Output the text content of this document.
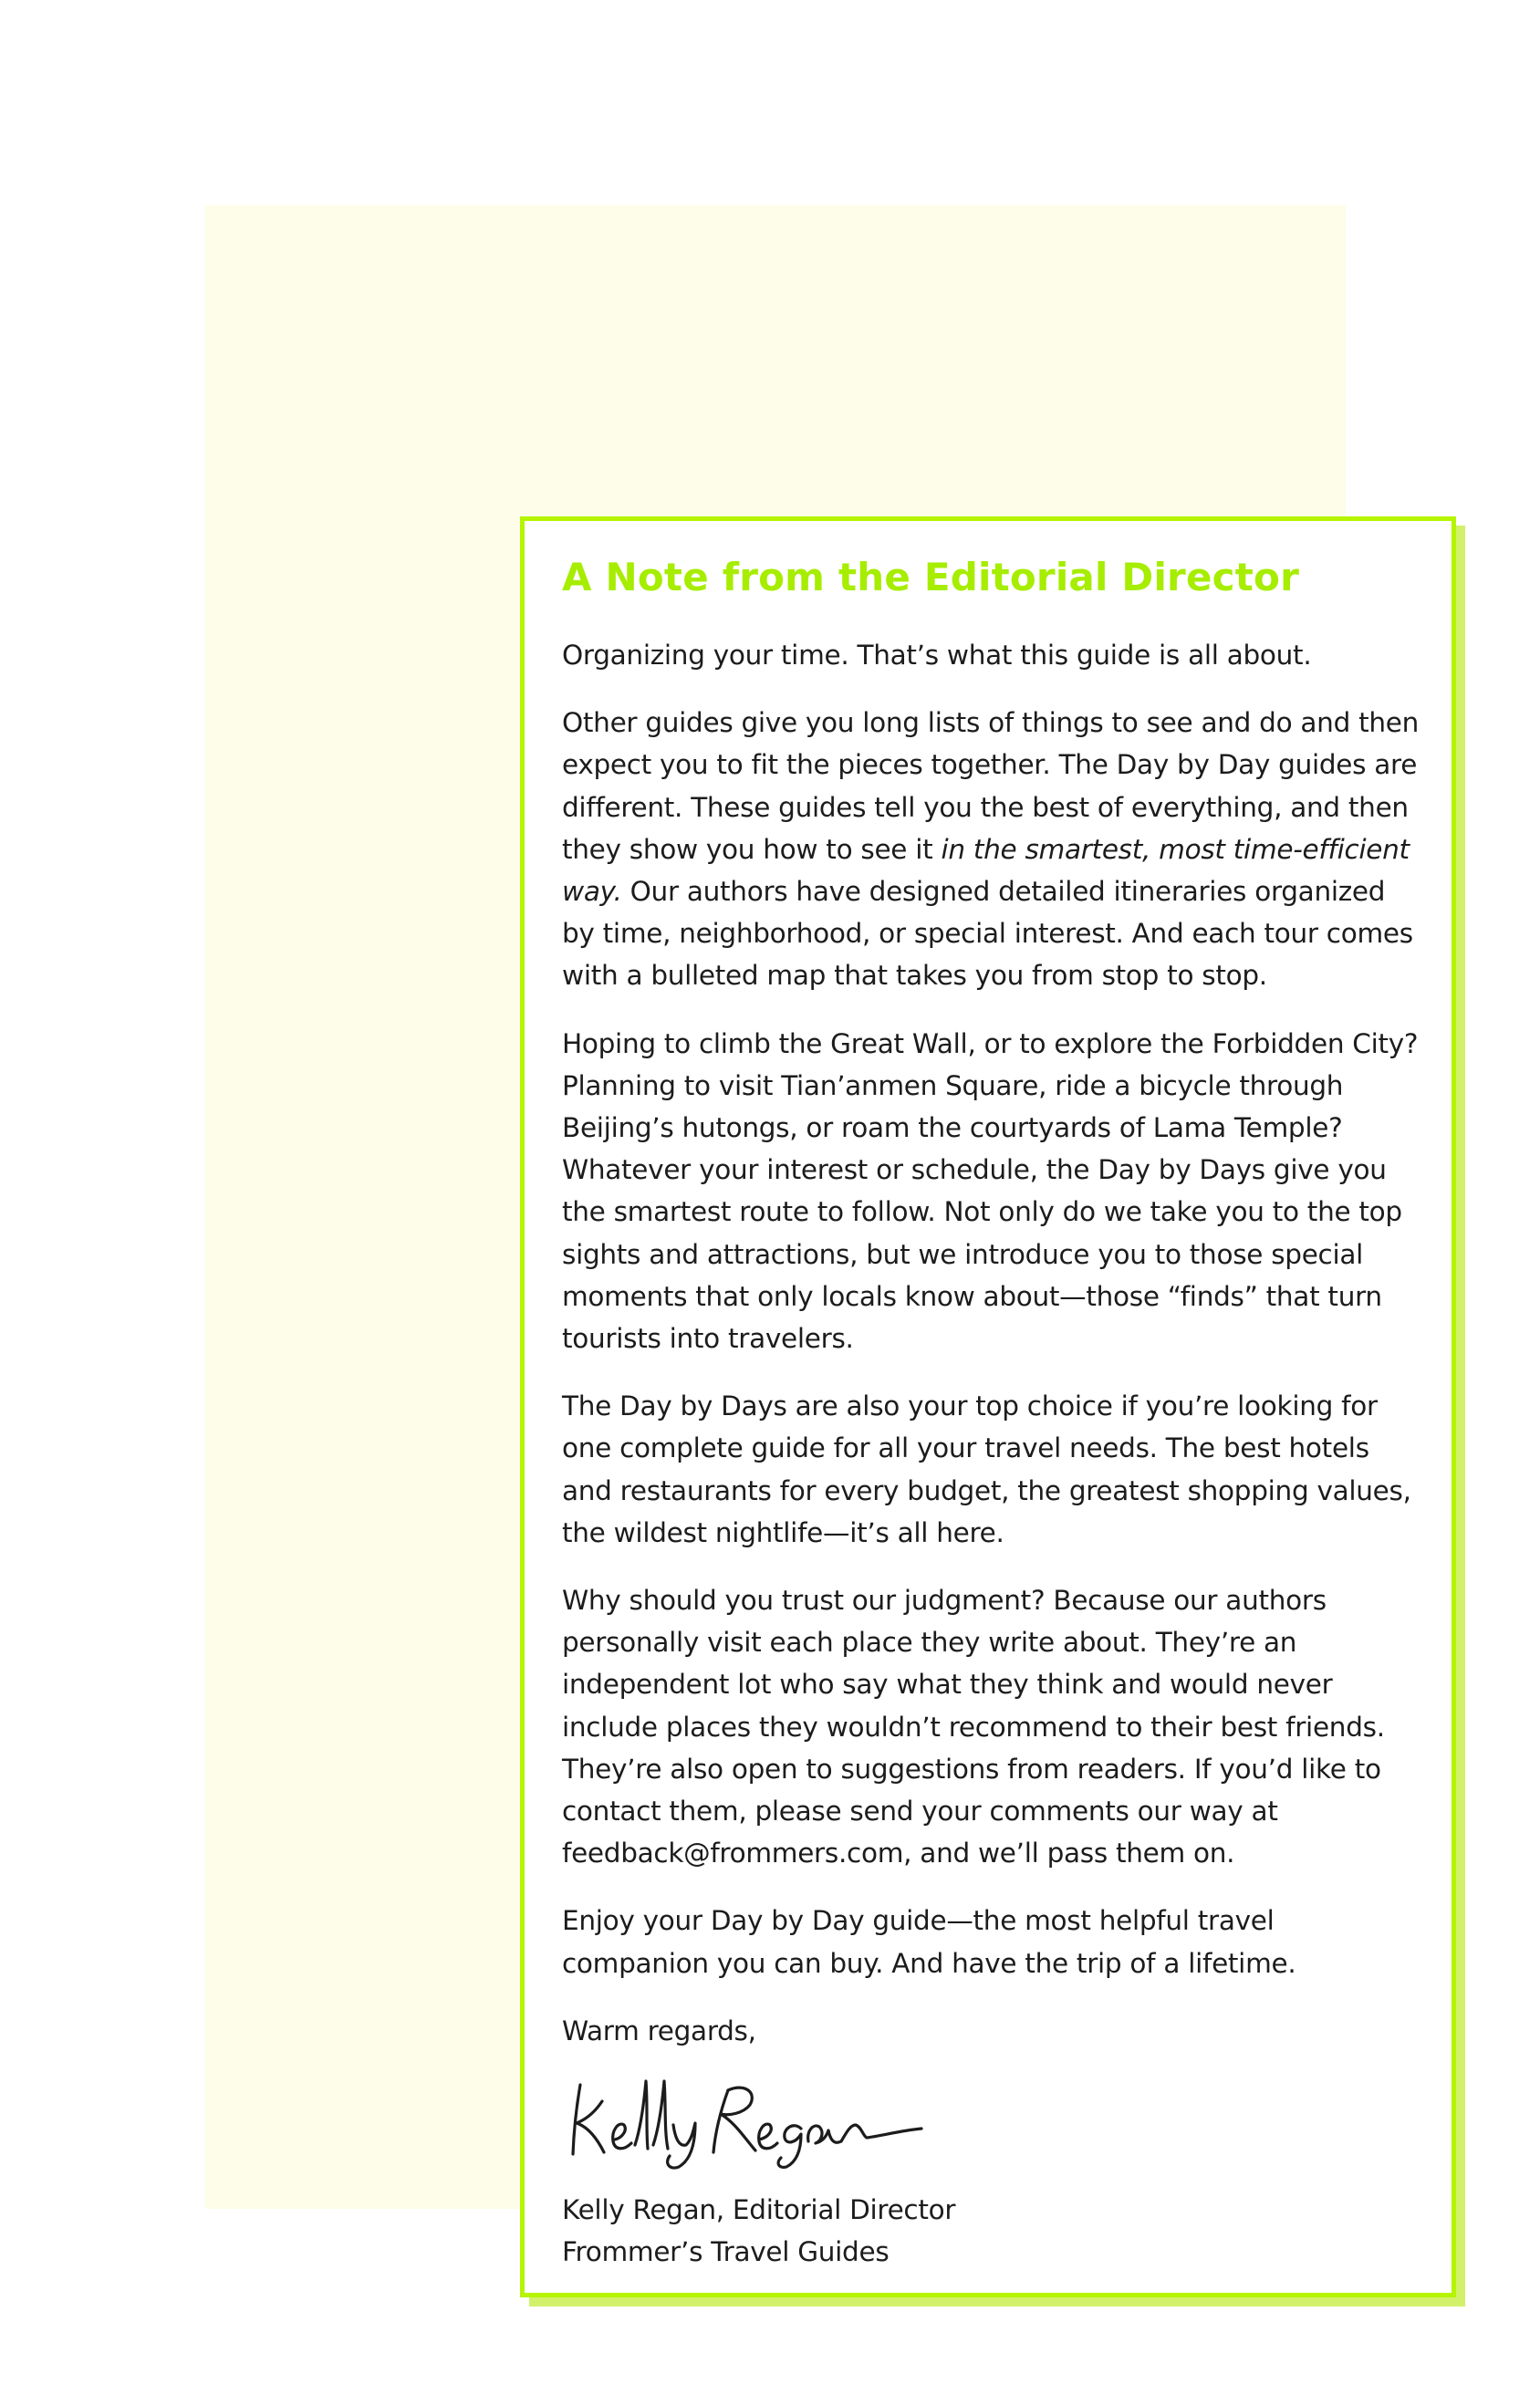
A Note from the Editorial Director

Organizing your time. That’s what this guide is all about.

Other guides give you long lists of things to see and do and then expect you to fit the pieces together. The Day by Day guides are different. These guides tell you the best of everything, and then they show you how to see it in the smartest, most time-efficient way. Our authors have designed detailed itineraries organized by time, neighborhood, or special interest. And each tour comes with a bulleted map that takes you from stop to stop.

Hoping to climb the Great Wall, or to explore the Forbidden City? Planning to visit Tian’anmen Square, ride a bicycle through Beijing’s hutongs, or roam the courtyards of Lama Temple? Whatever your interest or schedule, the Day by Days give you the smartest route to follow. Not only do we take you to the top sights and attractions, but we introduce you to those special moments that only locals know about—those “finds” that turn tourists into travelers.

The Day by Days are also your top choice if you’re looking for one complete guide for all your travel needs. The best hotels and restaurants for every budget, the greatest shopping values, the wildest nightlife—it’s all here.

Why should you trust our judgment? Because our authors personally visit each place they write about. They’re an independent lot who say what they think and would never include places they wouldn’t recommend to their best friends. They’re also open to suggestions from readers. If you’d like to contact them, please send your comments our way at feedback@frommers.com, and we’ll pass them on.

Enjoy your Day by Day guide—the most helpful travel companion you can buy. And have the trip of a lifetime.

Warm regards,

Kelly Regan, Editorial Director

Frommer’s Travel Guides
